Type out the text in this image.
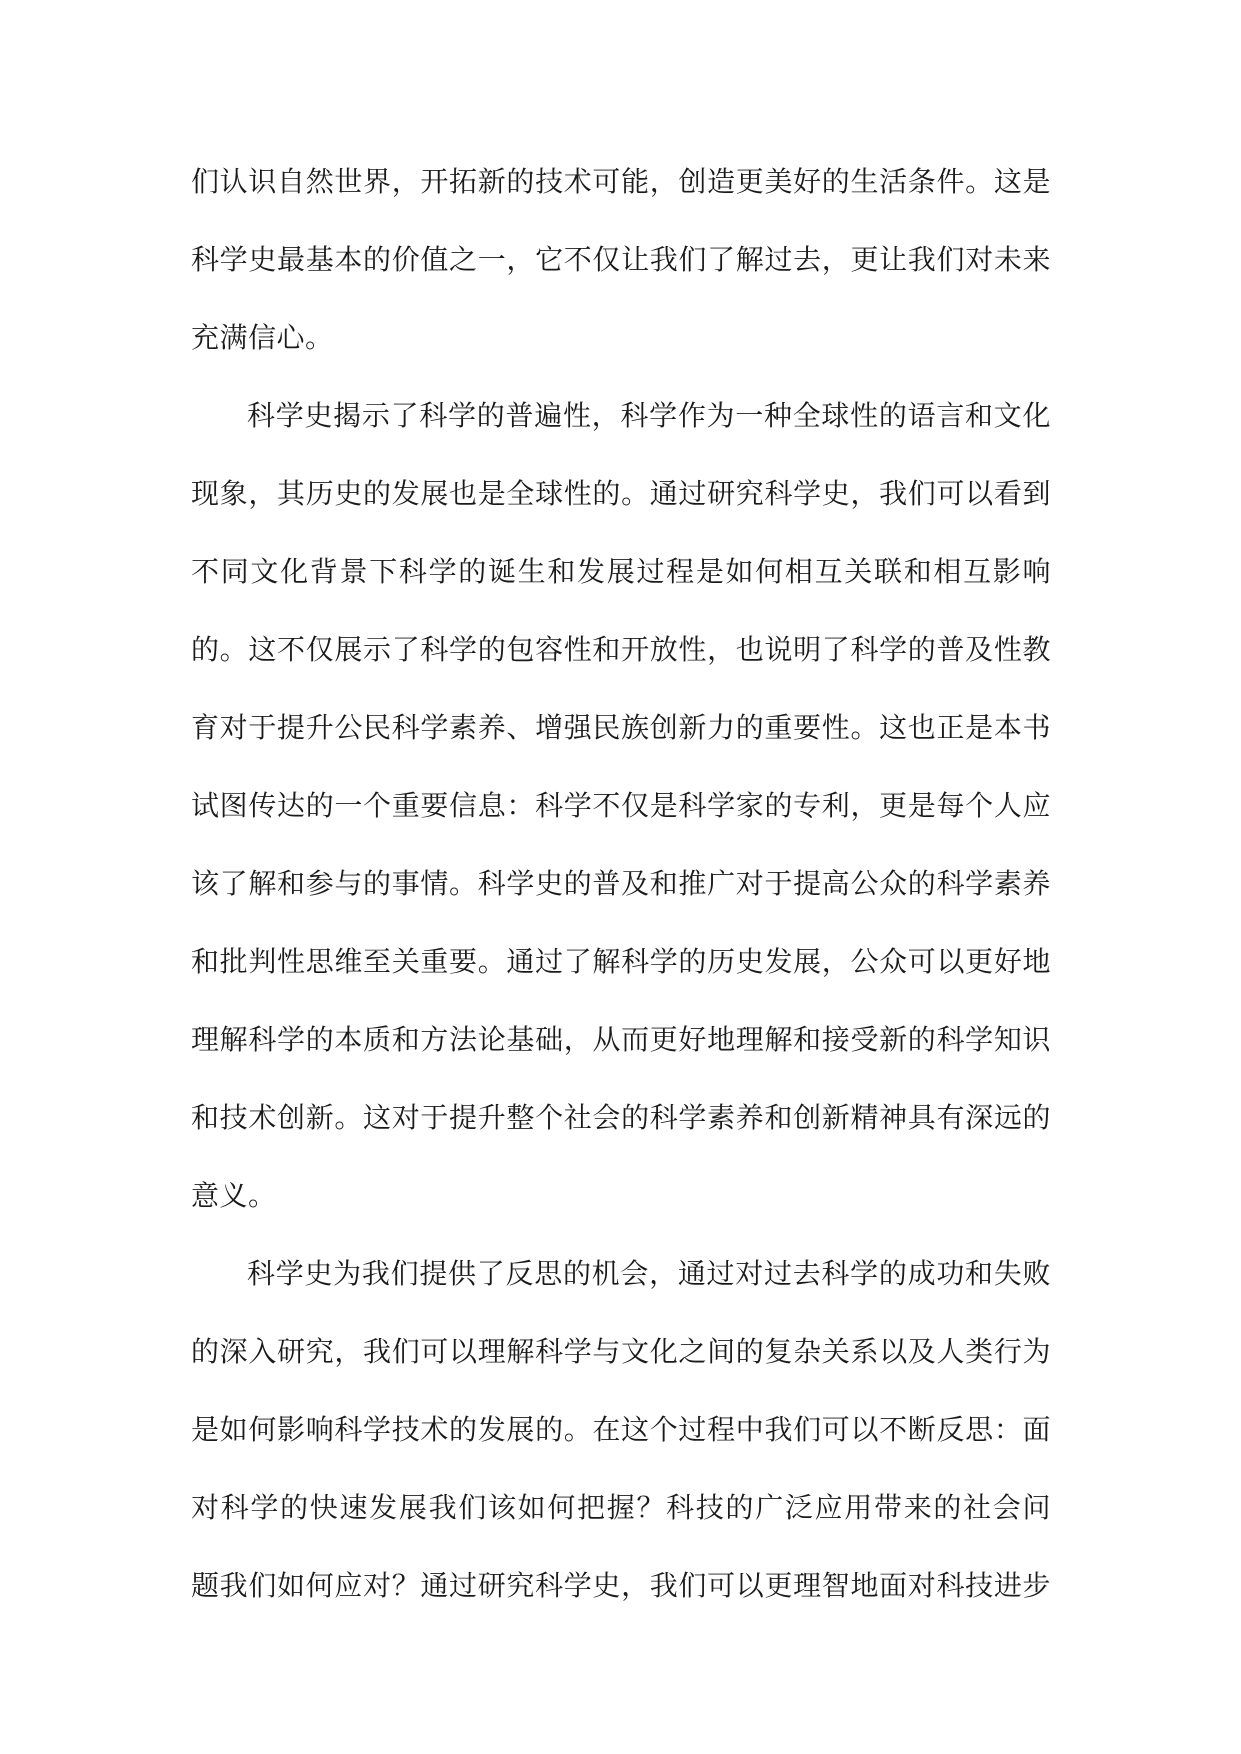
们认识自然世界，开拓新的技术可能，创造更美好的生活条件。这是
科学史最基本的价值之一，它不仅让我们了解过去，更让我们对未来
充满信心。
科学史揭示了科学的普遍性，科学作为一种全球性的语言和文化
现象，其历史的发展也是全球性的。通过研究科学史，我们可以看到
不同文化背景下科学的诞生和发展过程是如何相互关联和相互影响
的。这不仅展示了科学的包容性和开放性，也说明了科学的普及性教
育对于提升公民科学素养、增强民族创新力的重要性。这也正是本书
试图传达的一个重要信息：科学不仅是科学家的专利，更是每个人应
该了解和参与的事情。科学史的普及和推广对于提高公众的科学素养
和批判性思维至关重要。通过了解科学的历史发展，公众可以更好地
理解科学的本质和方法论基础，从而更好地理解和接受新的科学知识
和技术创新。这对于提升整个社会的科学素养和创新精神具有深远的
意义。
科学史为我们提供了反思的机会，通过对过去科学的成功和失败
的深入研究，我们可以理解科学与文化之间的复杂关系以及人类行为
是如何影响科学技术的发展的。在这个过程中我们可以不断反思：面
对科学的快速发展我们该如何把握？科技的广泛应用带来的社会问
题我们如何应对？通过研究科学史，我们可以更理智地面对科技进步
